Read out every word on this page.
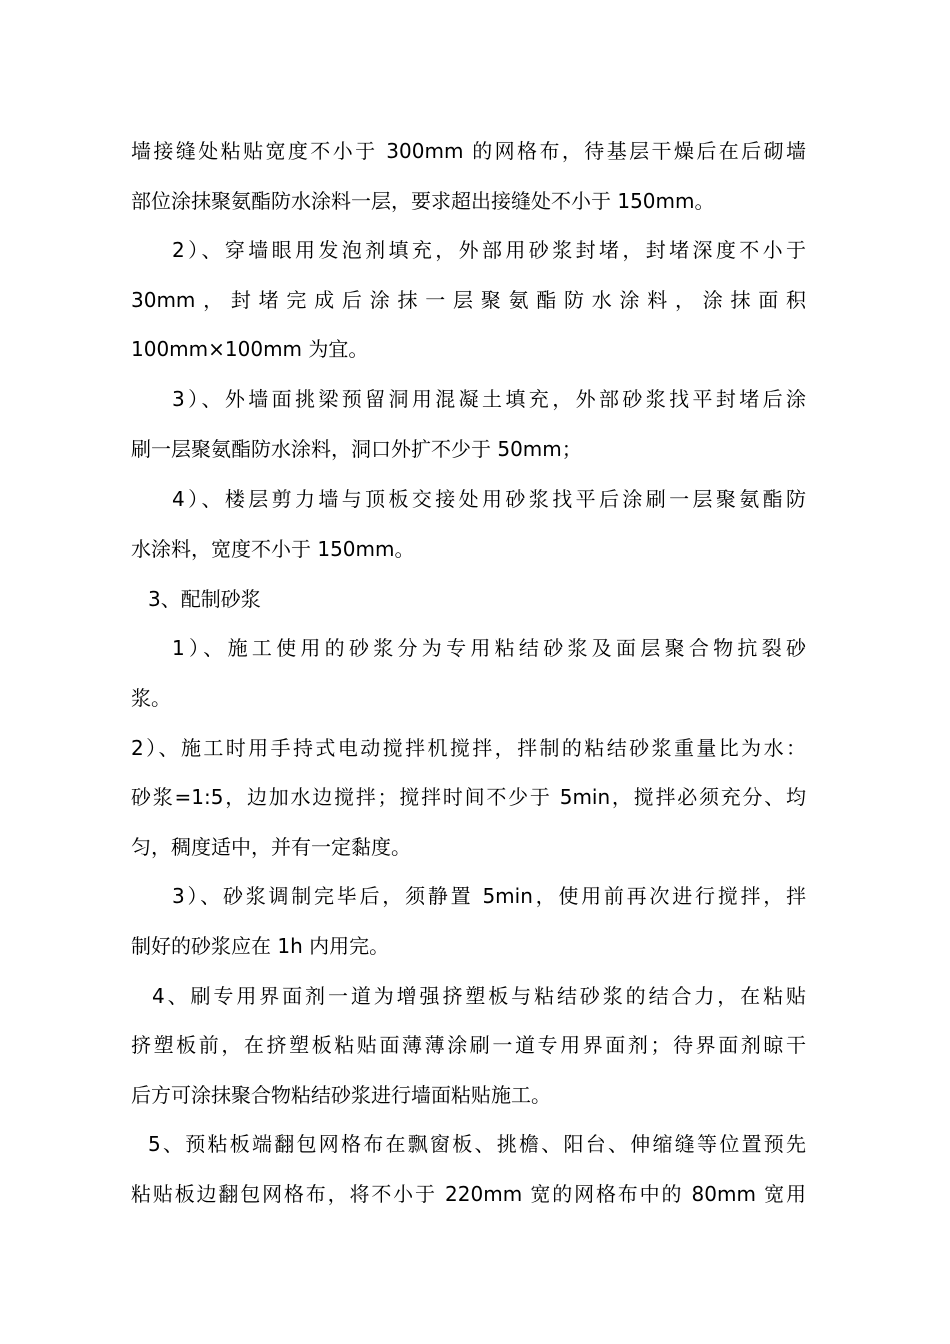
墙接缝处粘贴宽度不小于 300mm 的网格布，待基层干燥后在后砌墙
部位涂抹聚氨酯防水涂料一层，要求超出接缝处不小于 150mm。
2）、穿墙眼用发泡剂填充，外部用砂浆封堵，封堵深度不小于
30mm，封堵完成后涂抹一层聚氨酯防水涂料，涂抹面积
100mm×100mm 为宜。
3）、外墙面挑梁预留洞用混凝土填充，外部砂浆找平封堵后涂
刷一层聚氨酯防水涂料，洞口外扩不少于 50mm；
4）、楼层剪力墙与顶板交接处用砂浆找平后涂刷一层聚氨酯防
水涂料，宽度不小于 150mm。
3、配制砂浆
1）、施工使用的砂浆分为专用粘结砂浆及面层聚合物抗裂砂
浆。
2）、施工时用手持式电动搅拌机搅拌，拌制的粘结砂浆重量比为水：
砂浆=1:5，边加水边搅拌；搅拌时间不少于 5min，搅拌必须充分、均
匀，稠度适中，并有一定黏度。
3）、砂浆调制完毕后，须静置 5min，使用前再次进行搅拌，拌
制好的砂浆应在 1h 内用完。
4、刷专用界面剂一道为增强挤塑板与粘结砂浆的结合力，在粘贴
挤塑板前，在挤塑板粘贴面薄薄涂刷一道专用界面剂；待界面剂晾干
后方可涂抹聚合物粘结砂浆进行墙面粘贴施工。
5、预粘板端翻包网格布在飘窗板、挑檐、阳台、伸缩缝等位置预先
粘贴板边翻包网格布，将不小于 220mm 宽的网格布中的 80mm 宽用
